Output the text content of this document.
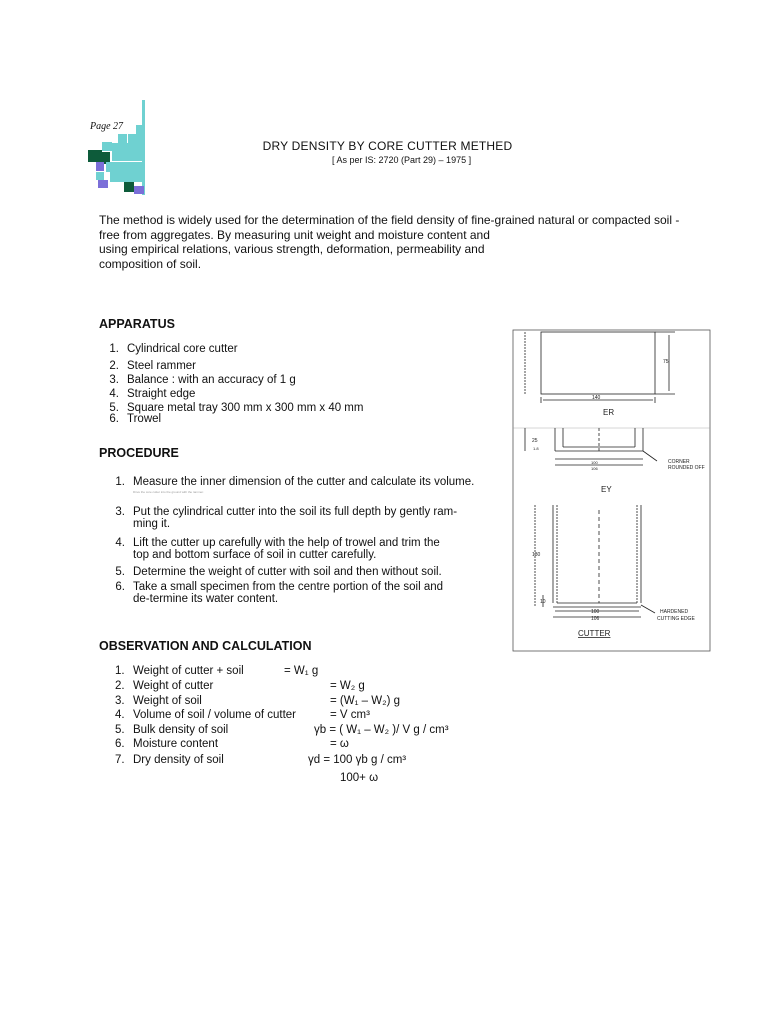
Page 27
DRY DENSITY BY CORE CUTTER METHED
[ As per IS: 2720 (Part 29) – 1975 ]
The method is widely used for the determination of the field density of fine-grained natural or compacted soil -
free from aggregates. By measuring unit weight and moisture content and
using empirical relations, various strength, deformation, permeability and
composition of soil.
APPARATUS
1. Cylindrical core cutter
2. Steel rammer
3. Balance : with an accuracy of 1 g
4. Straight edge
5. Square metal tray 300 mm x 300 mm x 40 mm
6. Trowel
PROCEDURE
1. Measure the inner dimension of the cutter and calculate its volume.
Drive the core cutter into the ground with the rammer.
3. Put the cylindrical cutter into the soil its full depth by gently ram-
ming it.
4. Lift the cutter up carefully with the help of trowel and trim the
top and bottom surface of soil in cutter carefully.
5. Determine the weight of cutter with soil and then without soil.
6. Take a small specimen from the centre portion of the soil and
de-termine its water content.
OBSERVATION AND CALCULATION
1. Weight of cutter + soil	= W₁ g
2. Weight of cutter	= W₂ g
3. Weight of soil	= (W₁ – W₂) g
4. Volume of soil / volume of cutter	= V cm³
5. Bulk density of soil	γb = ( W₁ – W₂ )/ V g / cm³
6. Moisture content	= ω
7. Dry density of soil	γd = 100 γb g / cm³
100+ ω
75
140
ER
25
1.8
100
106
CORNER
ROUNDED OFF
EY
130
10
100
106
HARDENED
CUTTING EDGE
CUTTER
